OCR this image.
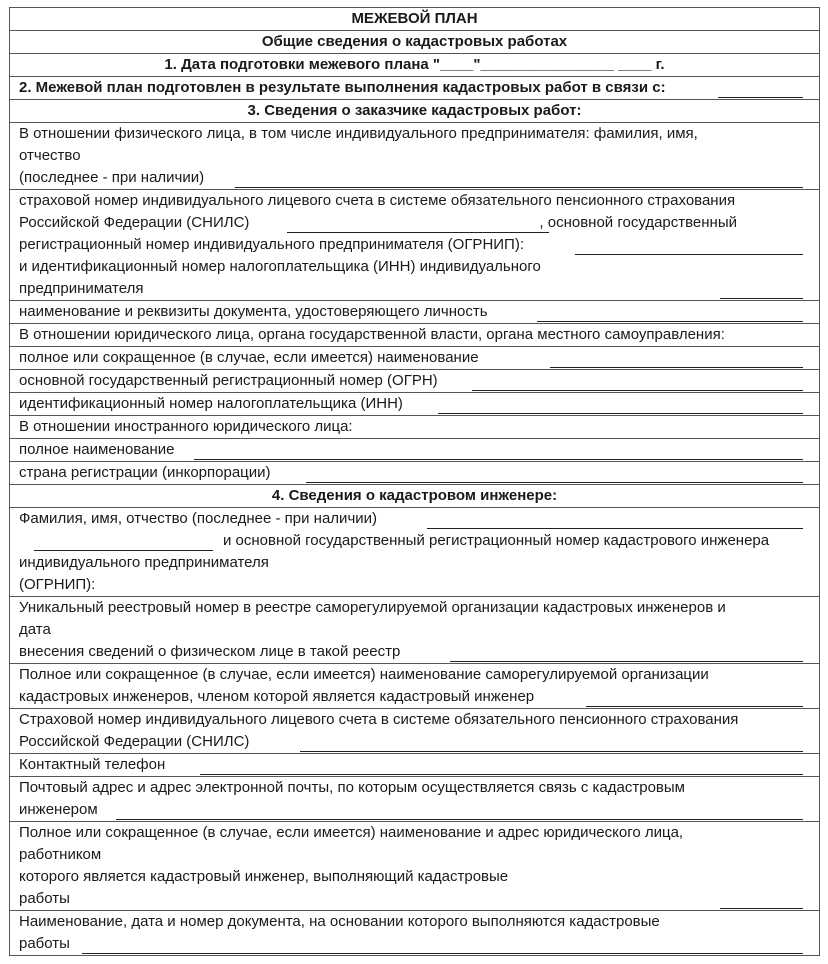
МЕЖЕВОЙ ПЛАН
Общие сведения о кадастровых работах
1. Дата подготовки межевого плана "____"________________ ____ г.
2. Межевой план подготовлен в результате выполнения кадастровых работ в связи с:
3. Сведения о заказчике кадастровых работ:
В отношении физического лица, в том числе индивидуального предпринимателя: фамилия, имя,
отчество
(последнее - при наличии)
страховой номер индивидуального лицевого счета в системе обязательного пенсионного страхования
Российской Федерации (СНИЛС)	, основной государственный
регистрационный номер индивидуального предпринимателя (ОГРНИП):
и идентификационный номер налогоплательщика (ИНН) индивидуального
предпринимателя
наименование и реквизиты документа, удостоверяющего личность
В отношении юридического лица, органа государственной власти, органа местного самоуправления:
полное или сокращенное (в случае, если имеется) наименование
основной государственный регистрационный номер (ОГРН)
идентификационный номер налогоплательщика (ИНН)
В отношении иностранного юридического лица:
полное наименование
страна регистрации (инкорпорации)
4. Сведения о кадастровом инженере:
Фамилия, имя, отчество (последнее - при наличии)
и основной государственный регистрационный номер кадастрового инженера
индивидуального предпринимателя
(ОГРНИП):
Уникальный реестровый номер в реестре саморегулируемой организации кадастровых инженеров и
дата
внесения сведений о физическом лице в такой реестр
Полное или сокращенное (в случае, если имеется) наименование саморегулируемой организации
кадастровых инженеров, членом которой является кадастровый инженер
Страховой номер индивидуального лицевого счета в системе обязательного пенсионного страхования
Российской Федерации (СНИЛС)
Контактный телефон
Почтовый адрес и адрес электронной почты, по которым осуществляется связь с кадастровым
инженером
Полное или сокращенное (в случае, если имеется) наименование и адрес юридического лица,
работником
которого является кадастровый инженер, выполняющий кадастровые
работы
Наименование, дата и номер документа, на основании которого выполняются кадастровые
работы
